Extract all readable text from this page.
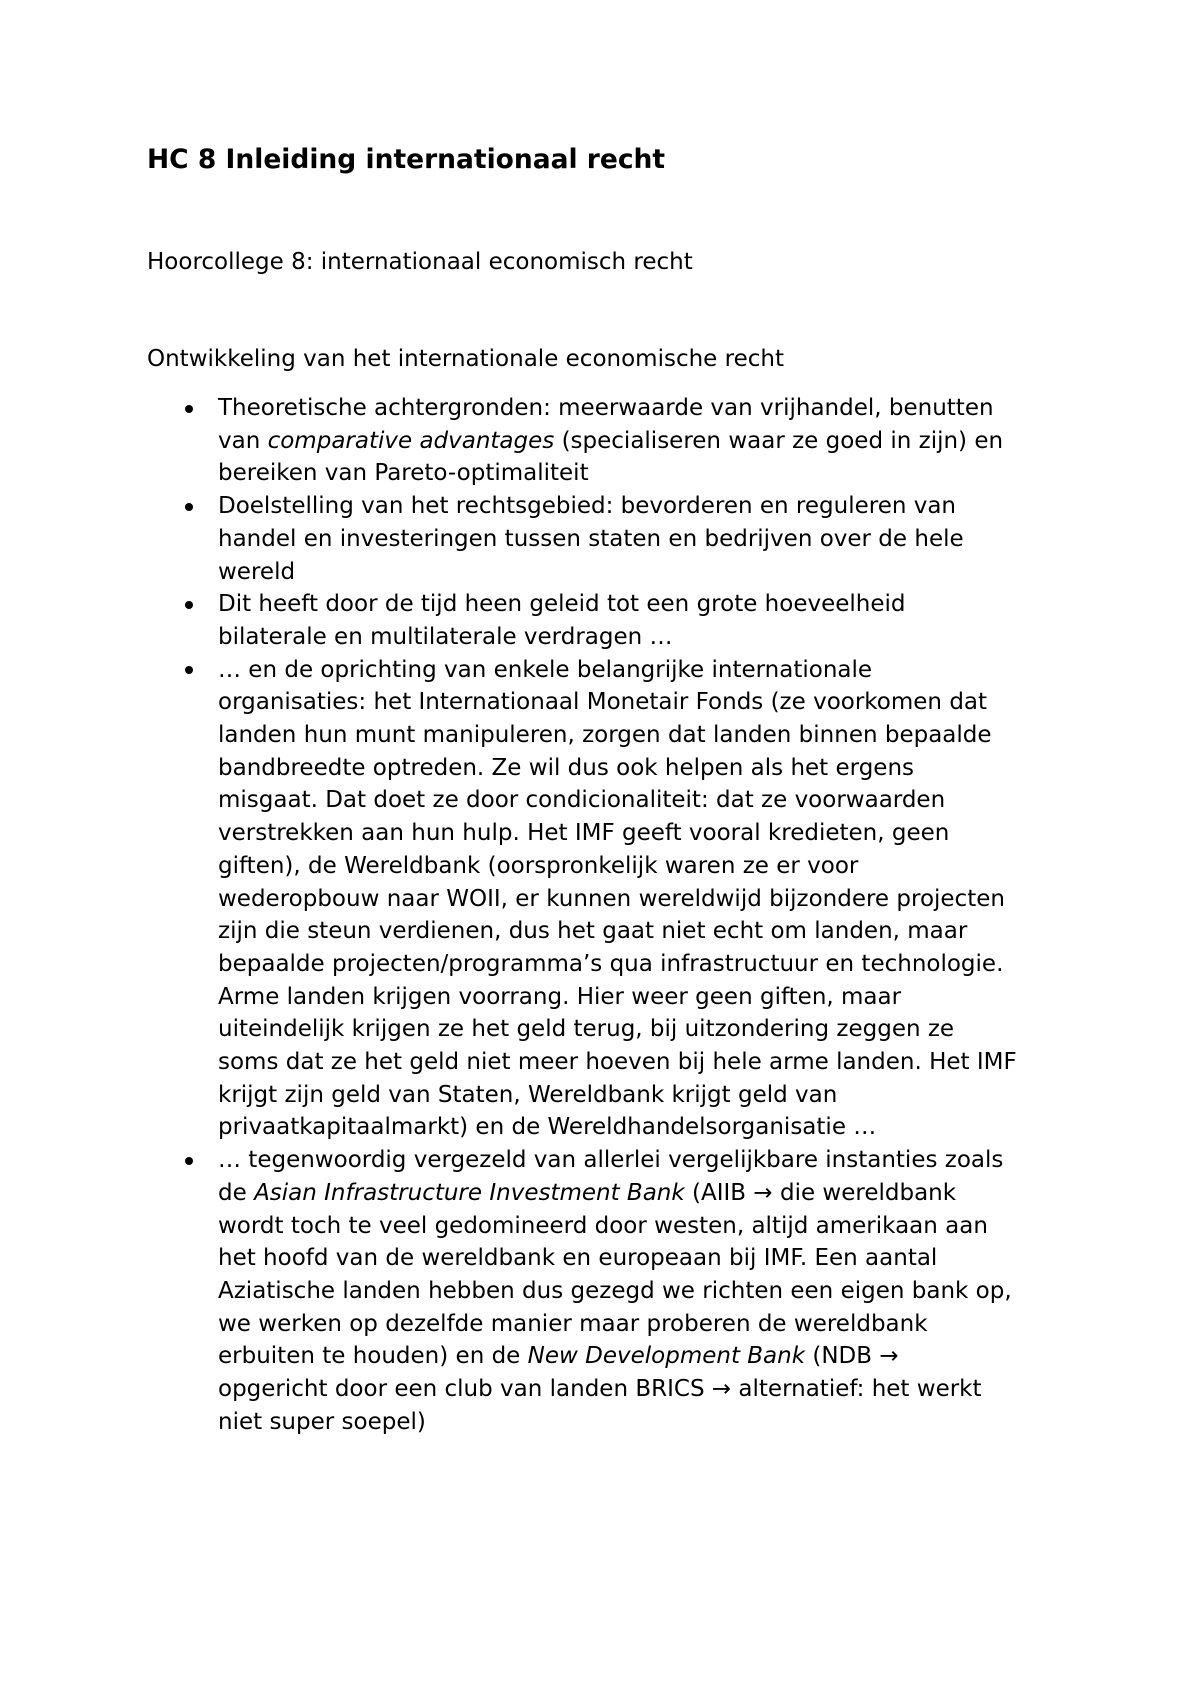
HC 8 Inleiding internationaal recht
Hoorcollege 8: internationaal economisch recht
Ontwikkeling van het internationale economische recht
Theoretische achtergronden: meerwaarde van vrijhandel, benutten
van comparative advantages (specialiseren waar ze goed in zijn) en
bereiken van Pareto-optimaliteit
Doelstelling van het rechtsgebied: bevorderen en reguleren van
handel en investeringen tussen staten en bedrijven over de hele
wereld
Dit heeft door de tijd heen geleid tot een grote hoeveelheid
bilaterale en multilaterale verdragen …
… en de oprichting van enkele belangrijke internationale
organisaties: het Internationaal Monetair Fonds (ze voorkomen dat
landen hun munt manipuleren, zorgen dat landen binnen bepaalde
bandbreedte optreden. Ze wil dus ook helpen als het ergens
misgaat. Dat doet ze door condicionaliteit: dat ze voorwaarden
verstrekken aan hun hulp. Het IMF geeft vooral kredieten, geen
giften), de Wereldbank (oorspronkelijk waren ze er voor
wederopbouw naar WOII, er kunnen wereldwijd bijzondere projecten
zijn die steun verdienen, dus het gaat niet echt om landen, maar
bepaalde projecten/programma’s qua infrastructuur en technologie.
Arme landen krijgen voorrang. Hier weer geen giften, maar
uiteindelijk krijgen ze het geld terug, bij uitzondering zeggen ze
soms dat ze het geld niet meer hoeven bij hele arme landen. Het IMF
krijgt zijn geld van Staten, Wereldbank krijgt geld van
privaatkapitaalmarkt) en de Wereldhandelsorganisatie …
… tegenwoordig vergezeld van allerlei vergelijkbare instanties zoals
de Asian Infrastructure Investment Bank (AIIB → die wereldbank
wordt toch te veel gedomineerd door westen, altijd amerikaan aan
het hoofd van de wereldbank en europeaan bij IMF. Een aantal
Aziatische landen hebben dus gezegd we richten een eigen bank op,
we werken op dezelfde manier maar proberen de wereldbank
erbuiten te houden) en de New Development Bank (NDB →
opgericht door een club van landen BRICS → alternatief: het werkt
niet super soepel)
